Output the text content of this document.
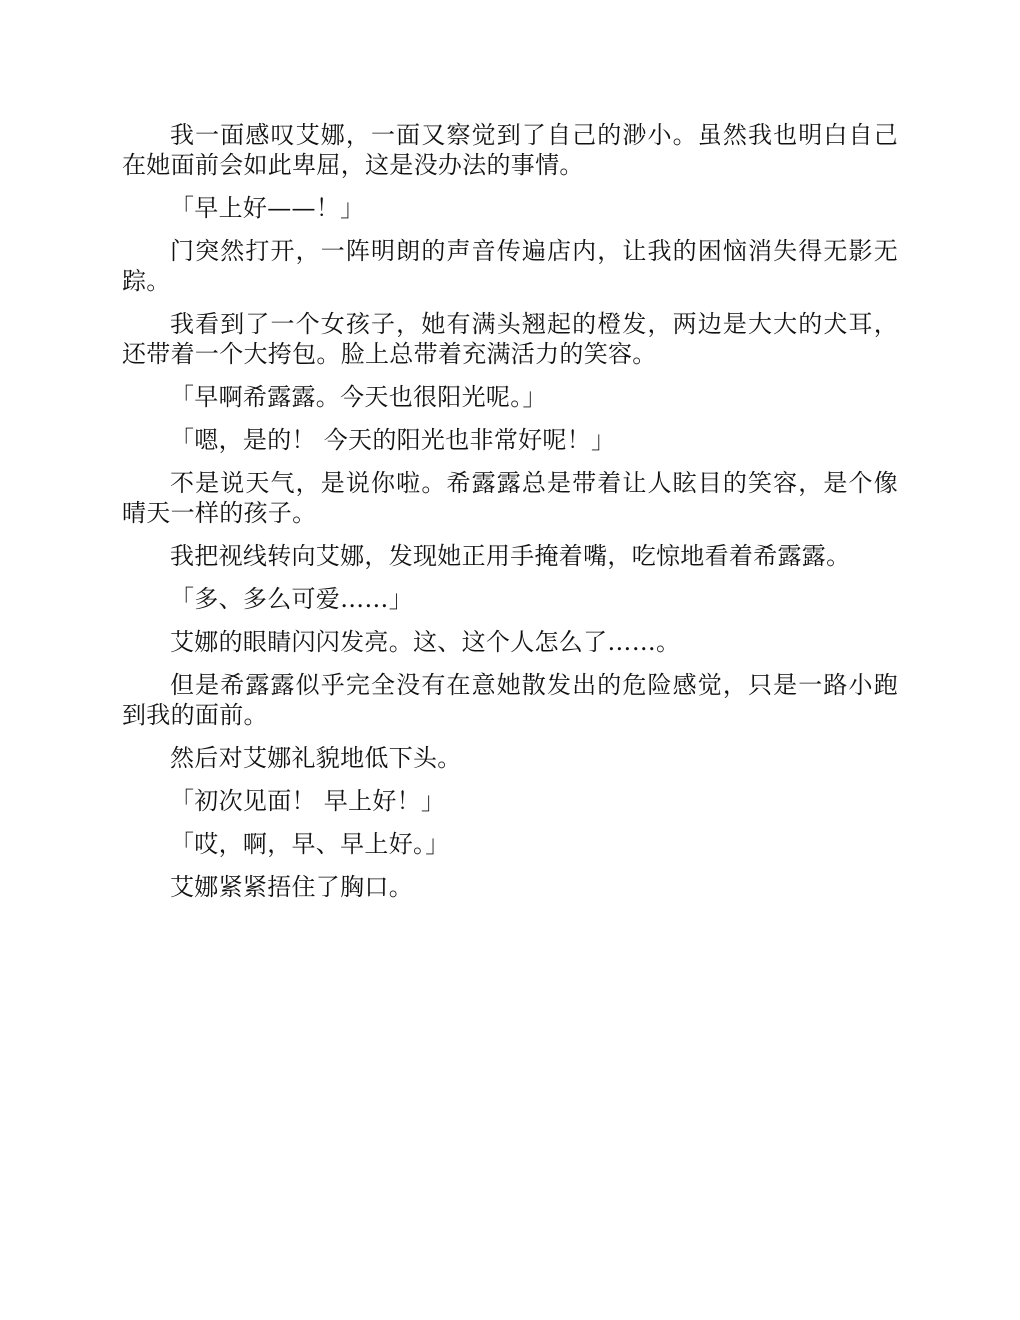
我一面感叹艾娜，一面又察觉到了自己的渺小。虽然我也明白自己在她面前会如此卑屈，这是没办法的事情。

「早上好——！」

门突然打开，一阵明朗的声音传遍店内，让我的困恼消失得无影无踪。

我看到了一个女孩子，她有满头翘起的橙发，两边是大大的犬耳，还带着一个大挎包。脸上总带着充满活力的笑容。

「早啊希露露。今天也很阳光呢。」

「嗯，是的！ 今天的阳光也非常好呢！」

不是说天气，是说你啦。希露露总是带着让人眩目的笑容，是个像晴天一样的孩子。

我把视线转向艾娜，发现她正用手掩着嘴，吃惊地看着希露露。

「多、多么可爱……」

艾娜的眼睛闪闪发亮。这、这个人怎么了……。

但是希露露似乎完全没有在意她散发出的危险感觉，只是一路小跑到我的面前。

然后对艾娜礼貌地低下头。

「初次见面！ 早上好！」

「哎，啊，早、早上好。」

艾娜紧紧捂住了胸口。
